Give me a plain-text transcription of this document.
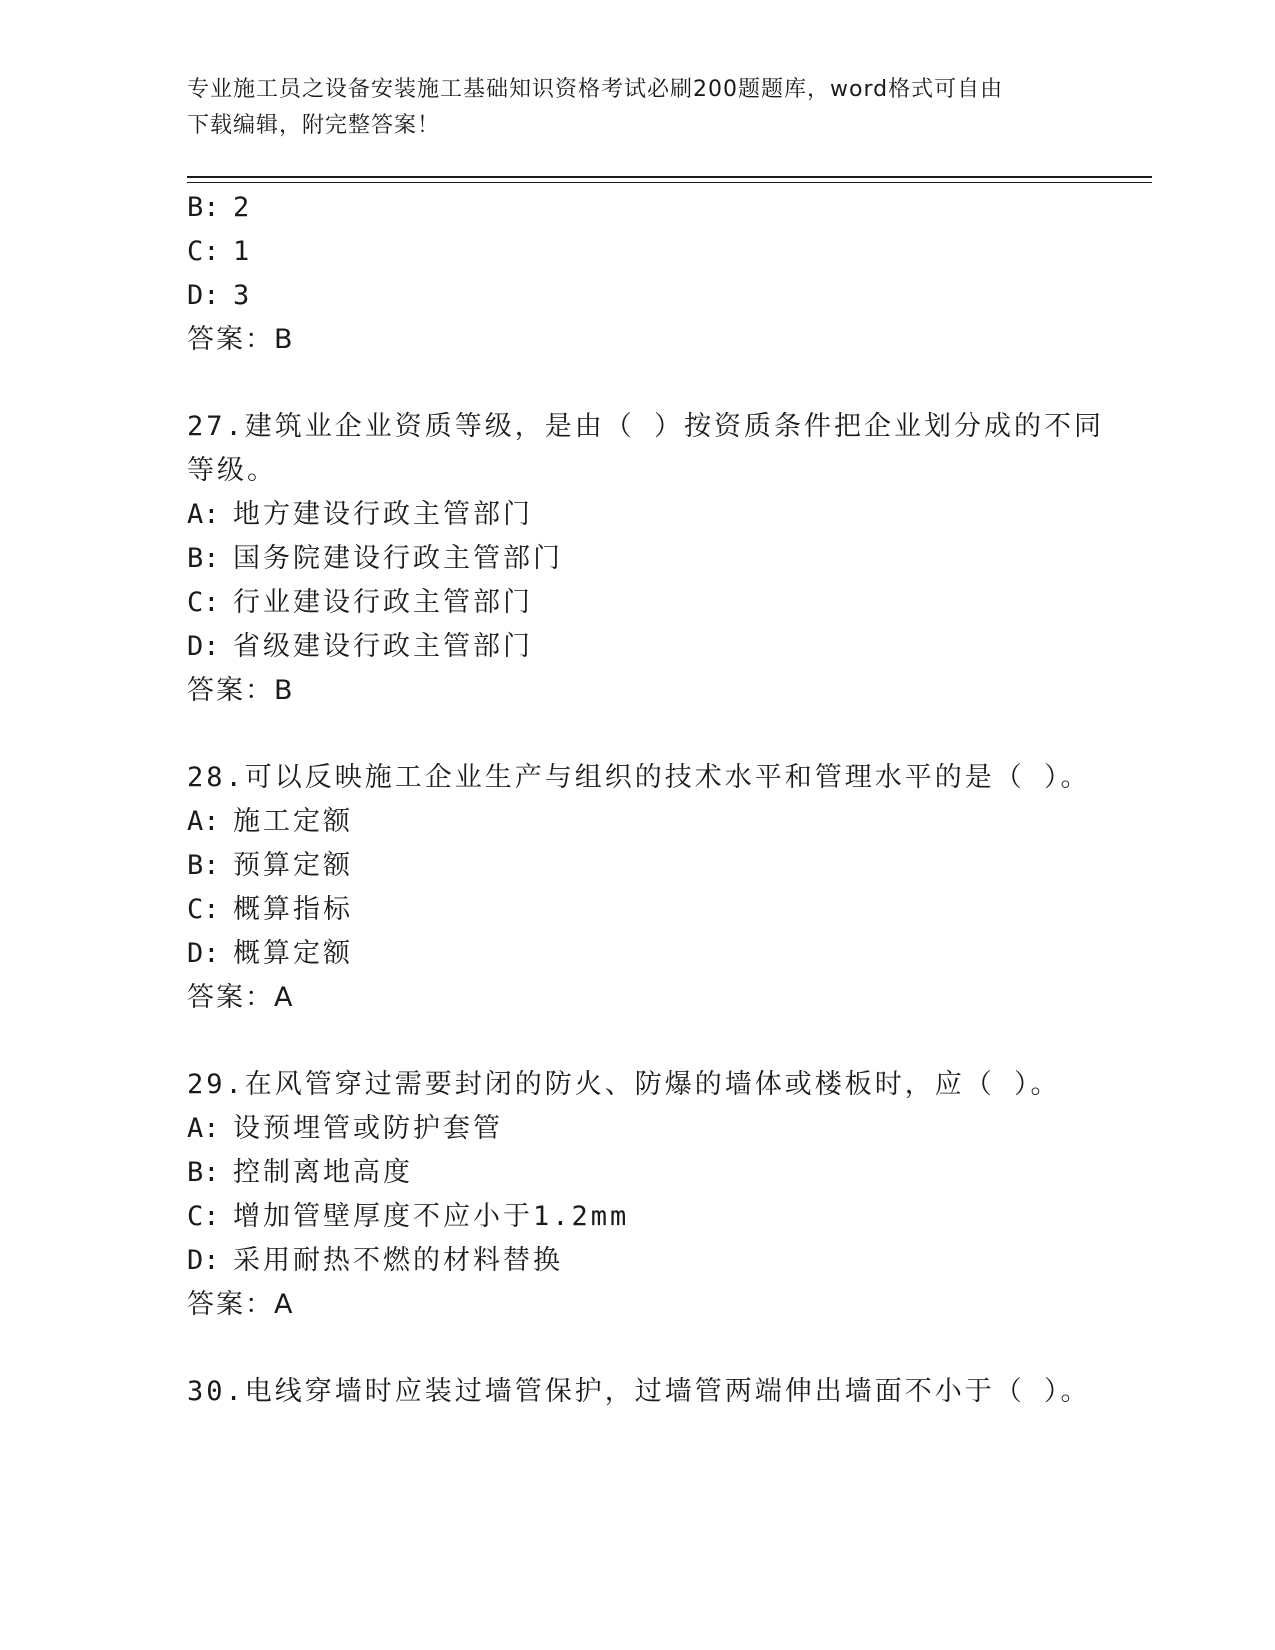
专业施工员之设备安装施工基础知识资格考试必刷200题题库，word格式可自由
下载编辑，附完整答案！
B: 2
C: 1
D: 3
答案：B
27.建筑业企业资质等级，是由（ ）按资质条件把企业划分成的不同
等级。
A: 地方建设行政主管部门
B: 国务院建设行政主管部门
C: 行业建设行政主管部门
D: 省级建设行政主管部门
答案：B
28.可以反映施工企业生产与组织的技术水平和管理水平的是（ ）。
A: 施工定额
B: 预算定额
C: 概算指标
D: 概算定额
答案：A
29.在风管穿过需要封闭的防火、防爆的墙体或楼板时，应（ ）。
A: 设预埋管或防护套管
B: 控制离地高度
C: 增加管壁厚度不应小于1.2mm
D: 采用耐热不燃的材料替换
答案：A
30.电线穿墙时应装过墙管保护，过墙管两端伸出墙面不小于（ ）。
